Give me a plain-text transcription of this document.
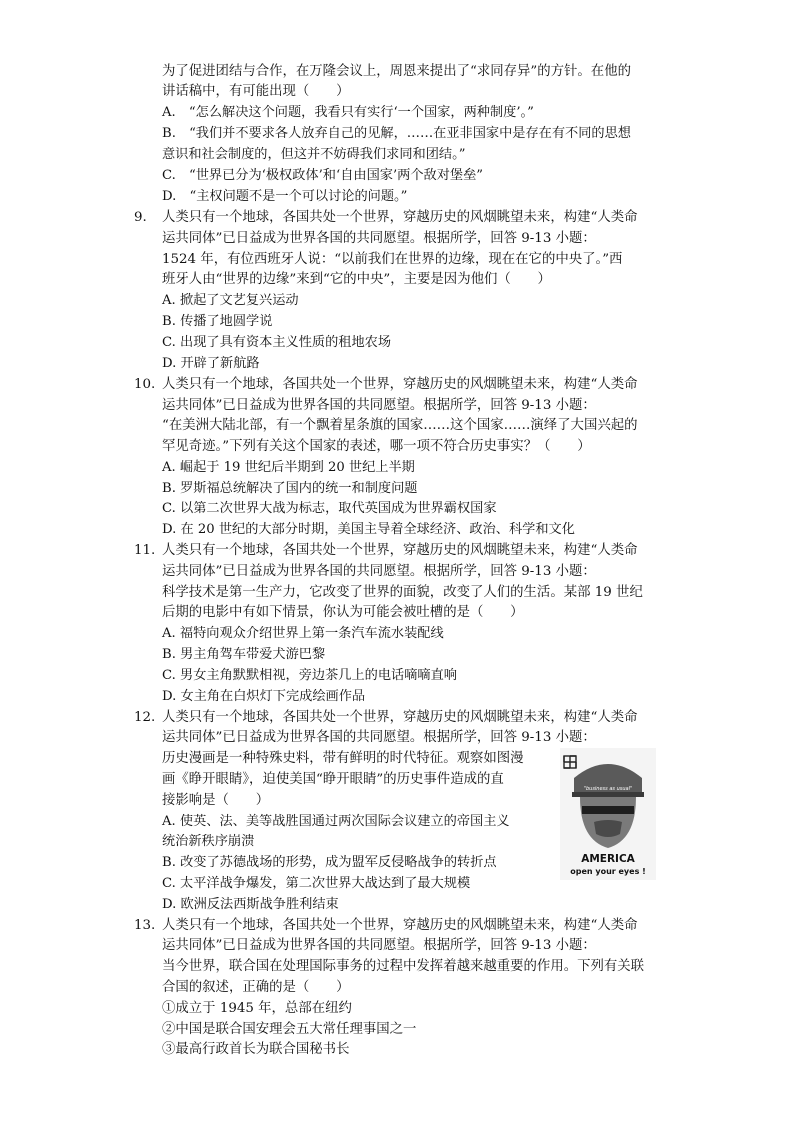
为了促进团结与合作，在万隆会议上，周恩来提出了“求同存异”的方针。在他的
讲话稿中，有可能出现（　　）
A.　“怎么解决这个问题，我看只有实行‘一个国家，两种制度’。”
B.　“我们并不要求各人放弃自己的见解，……在亚非国家中是存在有不同的思想
意识和社会制度的，但这并不妨碍我们求同和团结。”
C.　“世界已分为‘极权政体’和‘自由国家’两个敌对堡垒”
D.　“主权问题不是一个可以讨论的问题。”
9. 人类只有一个地球，各国共处一个世界，穿越历史的风烟眺望未来，构建“人类命
运共同体”已日益成为世界各国的共同愿望。根据所学，回答 9-13 小题：
1524 年，有位西班牙人说：“以前我们在世界的边缘，现在在它的中央了。”西
班牙人由“世界的边缘”来到“它的中央”，主要是因为他们（　　）
A. 掀起了文艺复兴运动
B. 传播了地圆学说
C. 出现了具有资本主义性质的租地农场
D. 开辟了新航路
10. 人类只有一个地球，各国共处一个世界，穿越历史的风烟眺望未来，构建“人类命
运共同体”已日益成为世界各国的共同愿望。根据所学，回答 9-13 小题：
“在美洲大陆北部，有一个飘着星条旗的国家……这个国家……演绎了大国兴起的
罕见奇迹。”下列有关这个国家的表述，哪一项不符合历史事实？（　　）
A. 崛起于 19 世纪后半期到 20 世纪上半期
B. 罗斯福总统解决了国内的统一和制度问题
C. 以第二次世界大战为标志，取代英国成为世界霸权国家
D. 在 20 世纪的大部分时期，美国主导着全球经济、政治、科学和文化
11. 人类只有一个地球，各国共处一个世界，穿越历史的风烟眺望未来，构建“人类命
运共同体”已日益成为世界各国的共同愿望。根据所学，回答 9-13 小题：
科学技术是第一生产力，它改变了世界的面貌，改变了人们的生活。某部 19 世纪
后期的电影中有如下情景，你认为可能会被吐槽的是（　　）
A. 福特向观众介绍世界上第一条汽车流水装配线
B. 男主角驾车带爱犬游巴黎
C. 男女主角默默相视，旁边茶几上的电话嘀嘀直响
D. 女主角在白炽灯下完成绘画作品
12. 人类只有一个地球，各国共处一个世界，穿越历史的风烟眺望未来，构建“人类命
运共同体”已日益成为世界各国的共同愿望。根据所学，回答 9-13 小题：
历史漫画是一种特殊史料，带有鲜明的时代特征。观察如图漫
画《睁开眼睛》，迫使美国“睁开眼睛”的历史事件造成的直
接影响是（　　）
A. 使英、法、美等战胜国通过两次国际会议建立的帝国主义
统治新秩序崩溃
B. 改变了苏德战场的形势，成为盟军反侵略战争的转折点
C. 太平洋战争爆发，第二次世界大战达到了最大规模
D. 欧洲反法西斯战争胜利结束
"business as usual"
AMERICA
open your eyes !
13. 人类只有一个地球，各国共处一个世界，穿越历史的风烟眺望未来，构建“人类命
运共同体”已日益成为世界各国的共同愿望。根据所学，回答 9-13 小题：
当今世界，联合国在处理国际事务的过程中发挥着越来越重要的作用。下列有关联
合国的叙述，正确的是（　　）
①成立于 1945 年，总部在纽约
②中国是联合国安理会五大常任理事国之一
③最高行政首长为联合国秘书长
